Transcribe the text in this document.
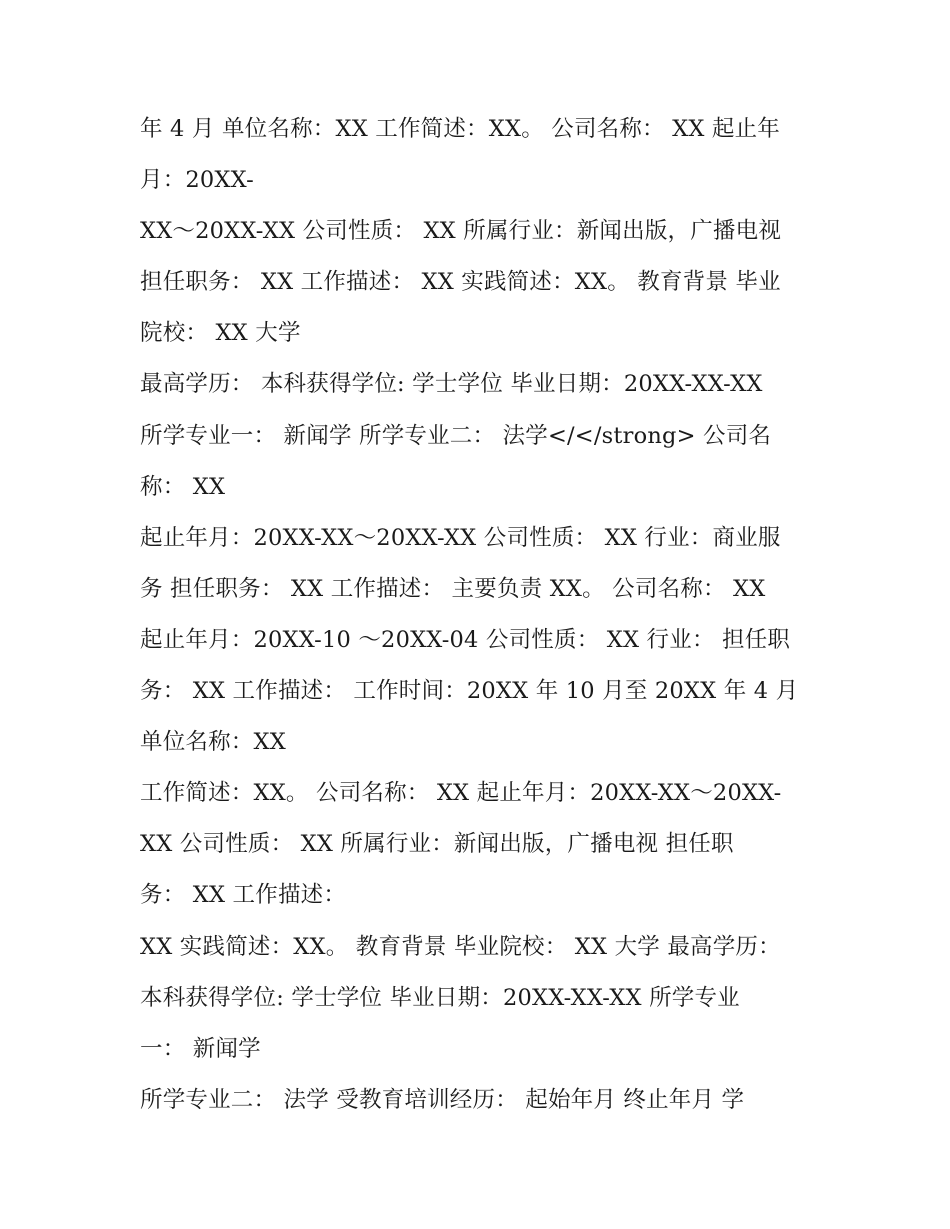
年 4 月 单位名称：XX 工作简述：XX。 公司名称： XX 起止年
月：20XX-
XX～20XX-XX 公司性质： XX 所属行业：新闻出版，广播电视
担任职务： XX 工作描述： XX 实践简述：XX。 教育背景 毕业
院校： XX 大学
最高学历： 本科获得学位: 学士学位 毕业日期：20XX-XX-XX
所学专业一： 新闻学 所学专业二： 法学</</strong> 公司名
称： XX
起止年月：20XX-XX～20XX-XX 公司性质： XX 行业：商业服
务 担任职务： XX 工作描述： 主要负责 XX。 公司名称： XX
起止年月：20XX-10 ～20XX-04 公司性质： XX 行业： 担任职
务： XX 工作描述： 工作时间：20XX 年 10 月至 20XX 年 4 月
单位名称：XX
工作简述：XX。 公司名称： XX 起止年月：20XX-XX～20XX-
XX 公司性质： XX 所属行业：新闻出版，广播电视 担任职
务： XX 工作描述：
XX 实践简述：XX。 教育背景 毕业院校： XX 大学 最高学历：
本科获得学位: 学士学位 毕业日期：20XX-XX-XX 所学专业
一： 新闻学
所学专业二： 法学 受教育培训经历： 起始年月 终止年月 学
